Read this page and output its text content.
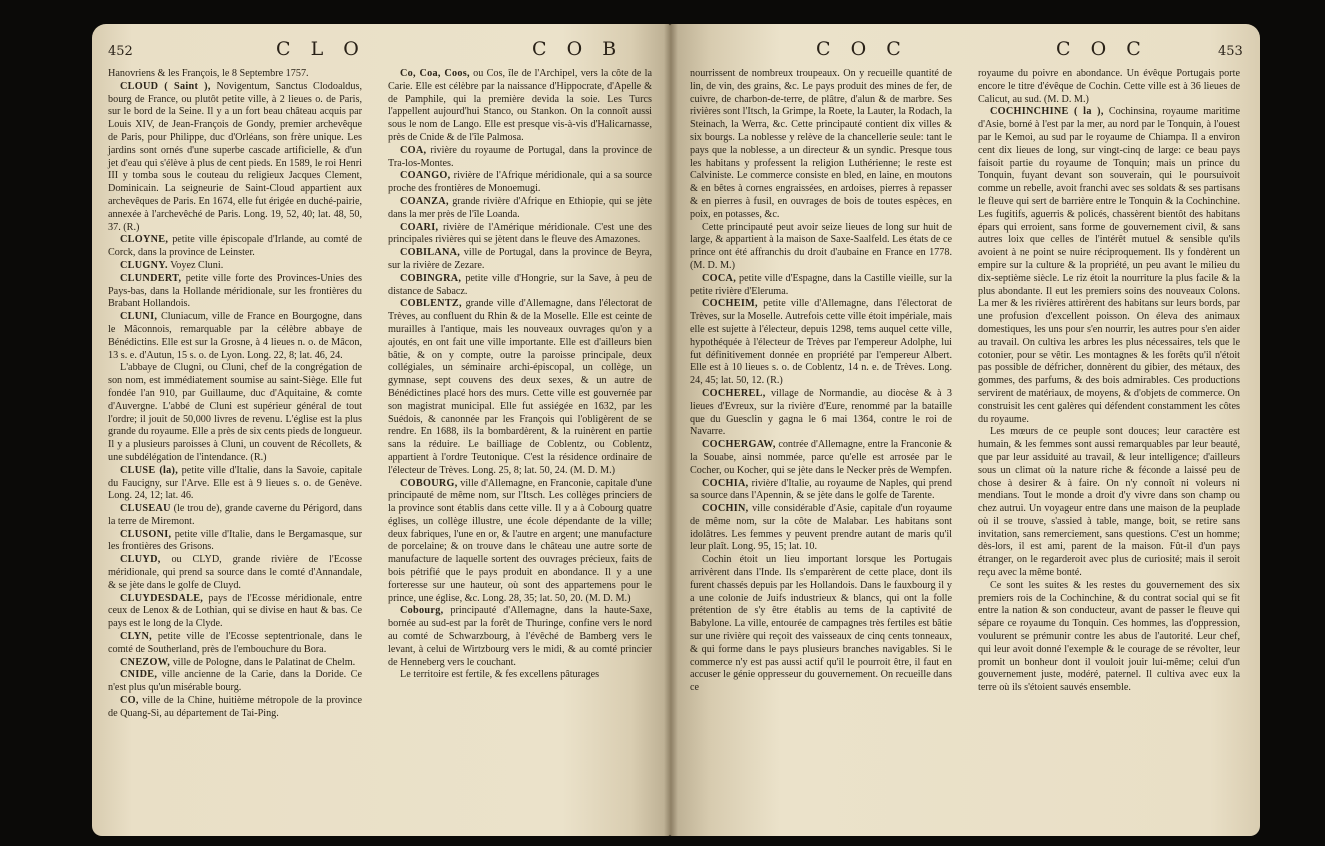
452	C L O	C O B	C O C	C O C	453

Hanovriens & les François, le 8 Septembre 1757.

CLOUD ( Saint ), Novigentum, Sanctus Clodoaldus, bourg de France, ou plutôt petite ville, à 2 lieues o. de Paris, sur le bord de la Seine. Il y a un fort beau château acquis par Louis XIV, de Jean-François de Gondy, premier archevêque de Paris, pour Philippe, duc d'Orléans, son frère unique. Les jardins sont ornés d'une superbe cascade artificielle, & d'un jet d'eau qui s'élève à plus de cent pieds. En 1589, le roi Henri III y tomba sous le couteau du religieux Jacques Clement, Dominicain. La seigneurie de Saint-Cloud appartient aux archevêques de Paris. En 1674, elle fut érigée en duché-pairie, annexée à l'archevêché de Paris. Long. 19, 52, 40; lat. 48, 50, 37. (R.)

CLOYNE, petite ville épiscopale d'Irlande, au comté de Corck, dans la province de Leinster.

CLUGNY. Voyez Cluni.

CLUNDERT, petite ville forte des Provinces-Unies des Pays-bas, dans la Hollande méridionale, sur les frontières du Brabant Hollandois.

CLUNI, Cluniacum, ville de France en Bourgogne, dans le Mâconnois, remarquable par la célèbre abbaye de Bénédictins. Elle est sur la Grosne, à 4 lieues n. o. de Mâcon, 13 s. e. d'Autun, 15 s. o. de Lyon. Long. 22, 8; lat. 46, 24.

L'abbaye de Clugni, ou Cluni, chef de la congrégation de son nom, est immédiatement soumise au saint-Siège. Elle fut fondée l'an 910, par Guillaume, duc d'Aquitaine, & comte d'Auvergne. L'abbé de Cluni est supérieur général de tout l'ordre; il jouit de 50,000 livres de revenu. L'église est la plus grande du royaume. Elle a près de six cents pieds de longueur. Il y a plusieurs paroisses à Cluni, un couvent de Récollets, & une subdélégation de l'intendance. (R.)

CLUSE (la), petite ville d'Italie, dans la Savoie, capitale du Faucigny, sur l'Arve. Elle est à 9 lieues s. o. de Genève. Long. 24, 12; lat. 46.

CLUSEAU (le trou de), grande caverne du Périgord, dans la terre de Miremont.

CLUSONI, petite ville d'Italie, dans le Bergamasque, sur les frontières des Grisons.

CLUYD, ou CLYD, grande rivière de l'Ecosse méridionale, qui prend sa source dans le comté d'Annandale, & se jète dans le golfe de Cluyd.

CLUYDESDALE, pays de l'Ecosse méridionale, entre ceux de Lenox & de Lothian, qui se divise en haut & bas. Ce pays est le long de la Clyde.

CLYN, petite ville de l'Ecosse septentrionale, dans le comté de Southerland, près de l'embouchure du Bora.

CNEZOW, ville de Pologne, dans le Palatinat de Chelm.

CNIDE, ville ancienne de la Carie, dans la Doride. Ce n'est plus qu'un misérable bourg.

CO, ville de la Chine, huitième métropole de la province de Quang-Si, au département de Tai-Ping.

Co, Coa, Coos, ou Cos, île de l'Archipel, vers la côte de la Carie. Elle est célèbre par la naissance d'Hippocrate, d'Apelle & de Pamphile, qui la première devida la soie. Les Turcs l'appellent aujourd'hui Stanco, ou Stankon. On la connoît aussi sous le nom de Lango. Elle est presque vis-à-vis d'Halicarnasse, près de Cnide & de l'île Palmosa.

COA, rivière du royaume de Portugal, dans la province de Tra-los-Montes.

COANGO, rivière de l'Afrique méridionale, qui a sa source proche des frontières de Monoemugi.

COANZA, grande rivière d'Afrique en Ethiopie, qui se jète dans la mer près de l'île Loanda.

COARI, rivière de l'Amérique méridionale. C'est une des principales rivières qui se jètent dans le fleuve des Amazones.

COBILANA, ville de Portugal, dans la province de Beyra, sur la rivière de Zezare.

COBINGRA, petite ville d'Hongrie, sur la Save, à peu de distance de Sabacz.

COBLENTZ, grande ville d'Allemagne, dans l'électorat de Trèves, au confluent du Rhin & de la Moselle. Elle est ceinte de murailles à l'antique, mais les nouveaux ouvrages qu'on y a ajoutés, en ont fait une ville importante. Elle est d'ailleurs bien bâtie, & on y compte, outre la paroisse principale, deux collégiales, un séminaire archi-épiscopal, un collège, un gymnase, sept couvens des deux sexes, & un autre de Bénédictines placé hors des murs. Cette ville est gouvernée par son magistrat municipal. Elle fut assiégée en 1632, par les Suédois, & canonnée par les François qui l'obligèrent de se rendre. En 1688, ils la bombardèrent, & la ruinèrent en partie sans la réduire. Le bailliage de Coblentz, ou Coblentz, appartient à l'ordre Teutonique. C'est la résidence ordinaire de l'électeur de Trèves. Long. 25, 8; lat. 50, 24. (M. D. M.)

COBOURG, ville d'Allemagne, en Franconie, capitale d'une principauté de même nom, sur l'Itsch. Les collèges princiers de la province sont établis dans cette ville. Il y a à Cobourg quatre églises, un collège illustre, une école dépendante de la ville; deux fabriques, l'une en or, & l'autre en argent; une manufacture de porcelaine; & on trouve dans le château une autre sorte de manufacture de laquelle sortent des ouvrages précieux, faits de bois pétrifié que le pays produit en abondance. Il y a une forteresse sur une hauteur, où sont des appartemens pour le prince, une église, &c. Long. 28, 35; lat. 50, 20. (M. D. M.)

Cobourg, principauté d'Allemagne, dans la haute-Saxe, bornée au sud-est par la forêt de Thuringe, confine vers le nord au comté de Schwarzbourg, à l'évêché de Bamberg vers le levant, à celui de Wirtzbourg vers le midi, & au comté princier de Henneberg vers le couchant.

Le territoire est fertile, & fes excellens pâturages

nourrissent de nombreux troupeaux. On y recueille quantité de lin, de vin, des grains, &c. Le pays produit des mines de fer, de cuivre, de charbon-de-terre, de plâtre, d'alun & de marbre. Ses rivières sont l'Itsch, la Grimpe, la Roete, la Lauter, la Rodach, la Steinach, la Werra, &c. Cette principauté contient dix villes & six bourgs. La noblesse y relève de la chancellerie seule: tant le pays que la noblesse, a un directeur & un syndic. Presque tous les habitans y professent la religion Luthérienne; le reste est Calviniste. Le commerce consiste en bled, en laine, en moutons & en bêtes à cornes engraissées, en ardoises, pierres à repasser & en pierres à fusil, en ouvrages de bois de toutes espèces, en poix, en potasses, &c.

Cette principauté peut avoir seize lieues de long sur huit de large, & appartient à la maison de Saxe-Saalfeld. Les états de ce prince ont été affranchis du droit d'aubaine en France en 1778. (M. D. M.)

COCA, petite ville d'Espagne, dans la Castille vieille, sur la petite rivière d'Eleruma.

COCHEIM, petite ville d'Allemagne, dans l'électorat de Trèves, sur la Moselle. Autrefois cette ville étoit impériale, mais elle est sujette à l'électeur, depuis 1298, tems auquel cette ville, hypothéquée à l'électeur de Trèves par l'empereur Adolphe, lui fut définitivement donnée en propriété par l'empereur Albert. Elle est à 10 lieues s. o. de Coblentz, 14 n. e. de Trèves. Long. 24, 45; lat. 50, 12. (R.)

COCHEREL, village de Normandie, au diocèse & à 3 lieues d'Evreux, sur la rivière d'Eure, renommé par la bataille que du Guesclin y gagna le 6 mai 1364, contre le roi de Navarre.

COCHERGAW, contrée d'Allemagne, entre la Franconie & la Souabe, ainsi nommée, parce qu'elle est arrosée par le Cocher, ou Kocher, qui se jète dans le Necker près de Wempfen.

COCHIA, rivière d'Italie, au royaume de Naples, qui prend sa source dans l'Apennin, & se jète dans le golfe de Tarente.

COCHIN, ville considérable d'Asie, capitale d'un royaume de même nom, sur la côte de Malabar. Les habitans sont idolâtres. Les femmes y peuvent prendre autant de maris qu'il leur plaît. Long. 95, 15; lat. 10.

Cochin étoit un lieu important lorsque les Portugais arrivèrent dans l'Inde. Ils s'emparèrent de cette place, dont ils furent chassés depuis par les Hollandois. Dans le fauxbourg il y a une colonie de Juifs industrieux & blancs, qui ont la folle prétention de s'y être établis au tems de la captivité de Babylone. La ville, entourée de campagnes très fertiles est bâtie sur une rivière qui reçoit des vaisseaux de cinq cents tonneaux, & qui forme dans le pays plusieurs branches navigables. Si le commerce n'y est pas aussi actif qu'il le pourroit être, il faut en accuser le génie oppresseur du gouvernement. On recueille dans ce

royaume du poivre en abondance. Un évêque Portugais porte encore le titre d'évêque de Cochin. Cette ville est à 36 lieues de Calicut, au sud. (M. D. M.)

COCHINCHINE ( la ), Cochinsina, royaume maritime d'Asie, borné à l'est par la mer, au nord par le Tonquin, à l'ouest par le Kemoi, au sud par le royaume de Chiampa. Il a environ cent dix lieues de long, sur vingt-cinq de large: ce beau pays faisoit partie du royaume de Tonquin; mais un prince du Tonquin, fuyant devant son souverain, qui le poursuivoit comme un rebelle, avoit franchi avec ses soldats & ses partisans le fleuve qui sert de barrière entre le Tonquin & la Cochinchine. Les fugitifs, aguerris & policés, chassèrent bientôt des habitans épars qui erroient, sans forme de gouvernement civil, & sans autres loix que celles de l'intérêt mutuel & sensible qu'ils avoient à ne point se nuire réciproquement. Ils y fondèrent un empire sur la culture & la propriété, un peu avant le milieu du dix-septième siècle. Le riz étoit la nourriture la plus facile & la plus abondante. Il eut les premiers soins des nouveaux Colons. La mer & les rivières attirèrent des habitans sur leurs bords, par une profusion d'excellent poisson. On éleva des animaux domestiques, les uns pour s'en nourrir, les autres pour s'en aider au travail. On cultiva les arbres les plus nécessaires, tels que le cotonier, pour se vêtir. Les montagnes & les forêts qu'il n'étoit pas possible de défricher, donnèrent du gibier, des métaux, des gommes, des parfums, & des bois admirables. Ces productions servirent de matériaux, de moyens, & d'objets de commerce. On construisit les cent galères qui défendent constamment les côtes du royaume.

Les mœurs de ce peuple sont douces; leur caractère est humain, & les femmes sont aussi remarquables par leur beauté, que par leur assiduité au travail, & leur intelligence; d'ailleurs sous un climat où la nature riche & féconde a laissé peu de chose à desirer & à faire. On n'y connoît ni voleurs ni mendians. Tout le monde a droit d'y vivre dans son champ ou chez autrui. Un voyageur entre dans une maison de la peuplade où il se trouve, s'assied à table, mange, boit, se retire sans invitation, sans remerciement, sans questions. C'est un homme; dès-lors, il est ami, parent de la maison. Fût-il d'un pays étranger, on le regarderoit avec plus de curiosité; mais il seroit reçu avec la même bonté.

Ce sont les suites & les restes du gouvernement des six premiers rois de la Cochinchine, & du contrat social qui se fit entre la nation & son conducteur, avant de passer le fleuve qui sépare ce royaume du Tonquin. Ces hommes, las d'oppression, voulurent se prémunir contre les abus de l'autorité. Leur chef, qui leur avoit donné l'exemple & le courage de se révolter, leur promit un bonheur dont il vouloit jouir lui-même; celui d'un gouvernement juste, modéré, paternel. Il cultiva avec eux la terre où ils s'étoient sauvés ensemble.
